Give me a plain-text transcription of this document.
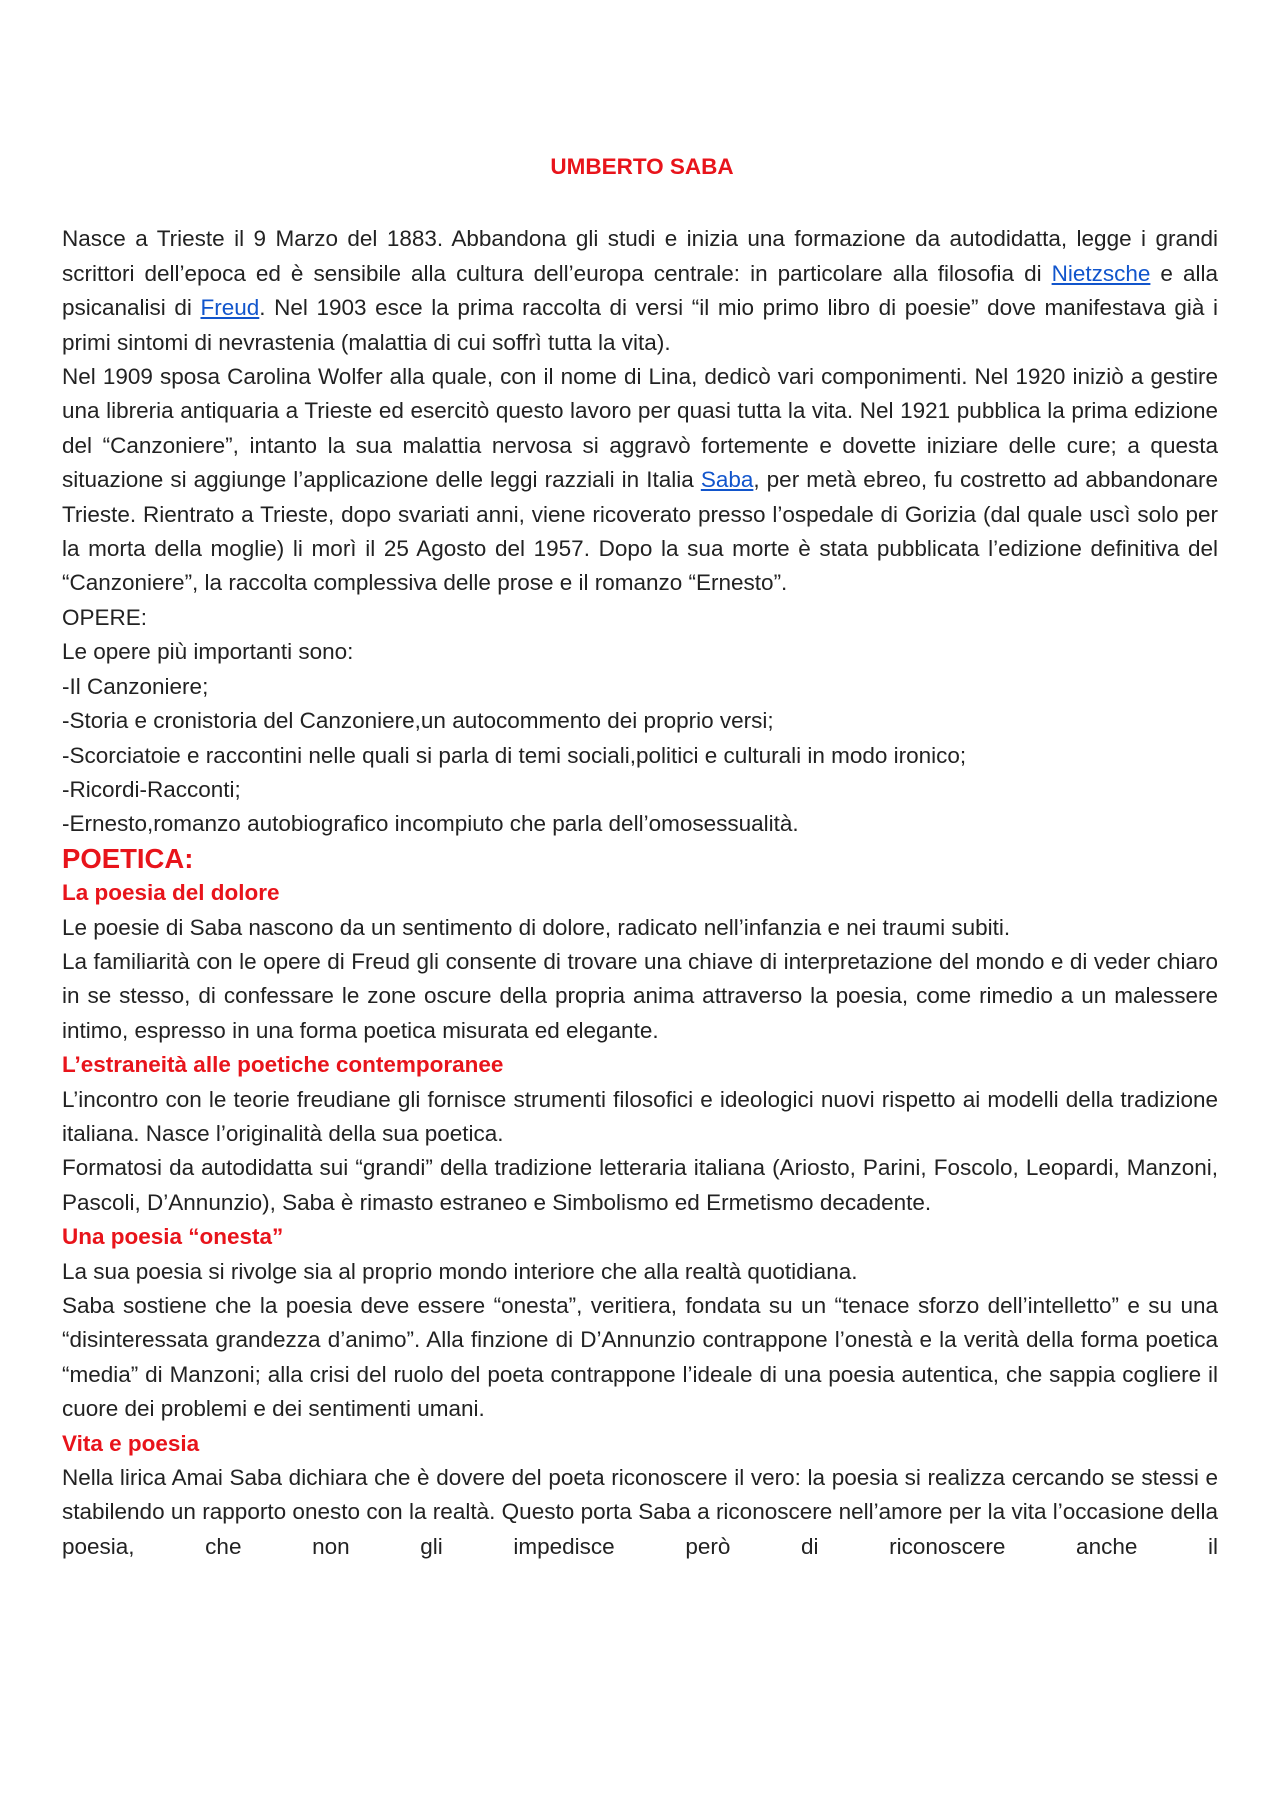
UMBERTO SABA

Nasce a Trieste il 9 Marzo del 1883. Abbandona gli studi e inizia una formazione da autodidatta, legge i grandi scrittori dell’epoca ed è sensibile alla cultura dell’europa centrale: in particolare alla filosofia di Nietzsche e alla psicanalisi di Freud. Nel 1903 esce la prima raccolta di versi “il mio primo libro di poesie” dove manifestava già i primi sintomi di nevrastenia (malattia di cui soffrì tutta la vita).

Nel 1909 sposa Carolina Wolfer alla quale, con il nome di Lina, dedicò vari componimenti. Nel 1920 iniziò a gestire una libreria antiquaria a Trieste ed esercitò questo lavoro per quasi tutta la vita. Nel 1921 pubblica la prima edizione del “Canzoniere”, intanto la sua malattia nervosa si aggravò fortemente e dovette iniziare delle cure; a questa situazione si aggiunge l’applicazione delle leggi razziali in Italia Saba, per metà ebreo, fu costretto ad abbandonare Trieste. Rientrato a Trieste, dopo svariati anni, viene ricoverato presso l’ospedale di Gorizia (dal quale uscì solo per la morta della moglie) li morì il 25 Agosto del 1957. Dopo la sua morte è stata pubblicata l’edizione definitiva del “Canzoniere”, la raccolta complessiva delle prose e il romanzo “Ernesto”.

OPERE:

Le opere più importanti sono:

-Il Canzoniere;

-Storia e cronistoria del Canzoniere,un autocommento dei proprio versi;

-Scorciatoie e raccontini nelle quali si parla di temi sociali,politici e culturali in modo ironico;

-Ricordi-Racconti;

-Ernesto,romanzo autobiografico incompiuto che parla dell’omosessualità.

POETICA:

La poesia del dolore

Le poesie di Saba nascono da un sentimento di dolore, radicato nell’infanzia e nei traumi subiti.

La familiarità con le opere di Freud gli consente di trovare una chiave di interpretazione del mondo e di veder chiaro in se stesso, di confessare le zone oscure della propria anima attraverso la poesia, come rimedio a un malessere intimo, espresso in una forma poetica misurata ed elegante.

L’estraneità alle poetiche contemporanee

L’incontro con le teorie freudiane gli fornisce strumenti filosofici e ideologici nuovi rispetto ai modelli della tradizione italiana. Nasce l’originalità della sua poetica.

Formatosi da autodidatta sui “grandi” della tradizione letteraria italiana (Ariosto, Parini, Foscolo, Leopardi, Manzoni, Pascoli, D’Annunzio), Saba è rimasto estraneo e Simbolismo ed Ermetismo decadente.

Una poesia “onesta”

La sua poesia si rivolge sia al proprio mondo interiore che alla realtà quotidiana.

Saba sostiene che la poesia deve essere “onesta”, veritiera, fondata su un “tenace sforzo dell’intelletto” e su una “disinteressata grandezza d’animo”. Alla finzione di D’Annunzio contrappone l’onestà e la verità della forma poetica “media” di Manzoni; alla crisi del ruolo del poeta contrappone l’ideale di una poesia autentica, che sappia cogliere il cuore dei problemi e dei sentimenti umani.

Vita e poesia

Nella lirica Amai Saba dichiara che è dovere del poeta riconoscere il vero: la poesia si realizza cercando se stessi e stabilendo un rapporto onesto con la realtà. Questo porta Saba a riconoscere nell’amore per la vita l’occasione della poesia, che non gli impedisce però di riconoscere anche il
